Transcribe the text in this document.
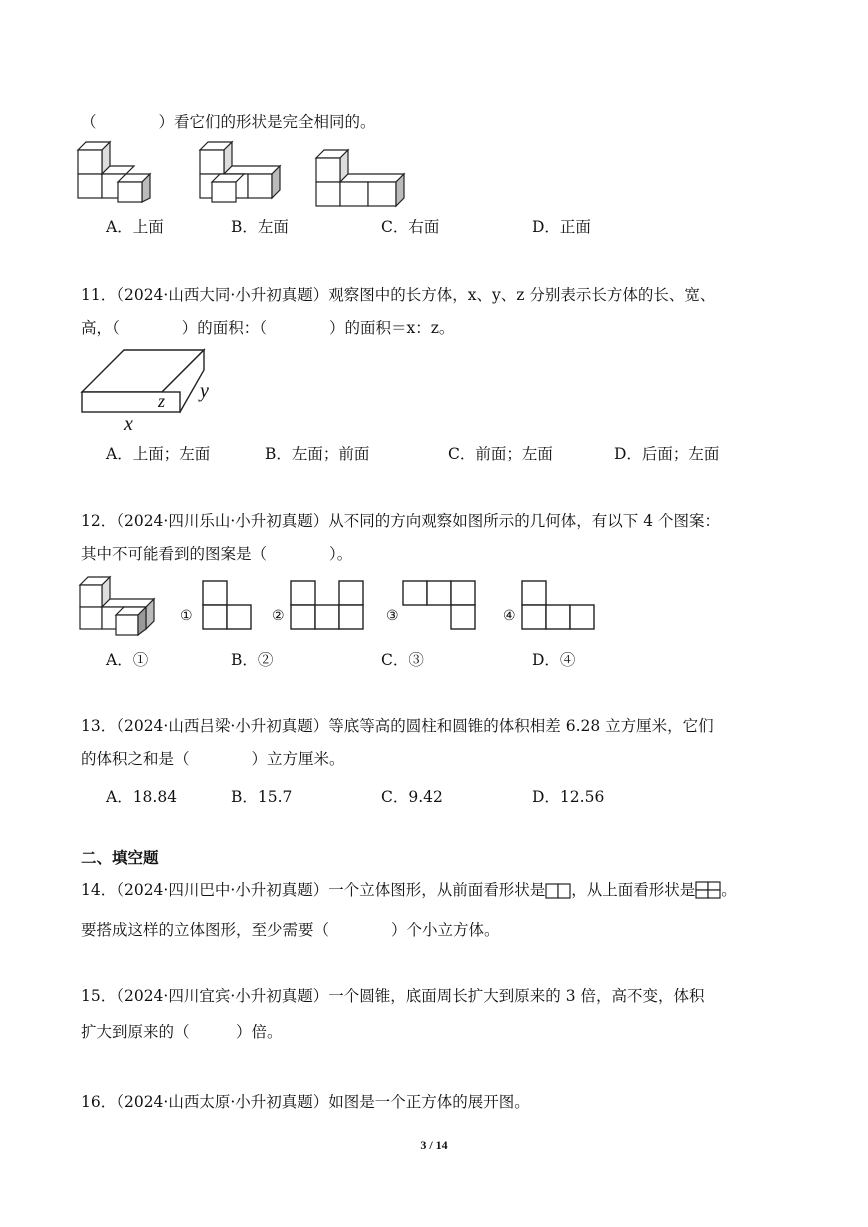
（　　　　）看它们的形状是完全相同的。
A．上面	B．左面	C．右面	D．正面
11．（2024·山西大同·小升初真题）观察图中的长方体，x、y、z 分别表示长方体的长、宽、
高，（　　　　）的面积：（　　　　）的面积＝x：z。
z y
x
A．上面；左面	B．左面；前面	C．前面；左面	D．后面；左面
12．（2024·四川乐山·小升初真题）从不同的方向观察如图所示的几何体，有以下 4 个图案：
其中不可能看到的图案是（　　　　）。
①	②	③	④
A．①	B．②	C．③	D．④
13．（2024·山西吕梁·小升初真题）等底等高的圆柱和圆锥的体积相差 6.28 立方厘米，它们
的体积之和是（　　　　）立方厘米。
A．18.84	B．15.7	C．9.42	D．12.56
二、填空题
14．（2024·四川巴中·小升初真题）一个立体图形，从前面看形状是 ，从上面看形状是 。
要搭成这样的立体图形，至少需要（　　　　）个小立方体。
15．（2024·四川宜宾·小升初真题）一个圆锥，底面周长扩大到原来的 3 倍，高不变，体积
扩大到原来的（　　　）倍。
16．（2024·山西太原·小升初真题）如图是一个正方体的展开图。
3 / 14
